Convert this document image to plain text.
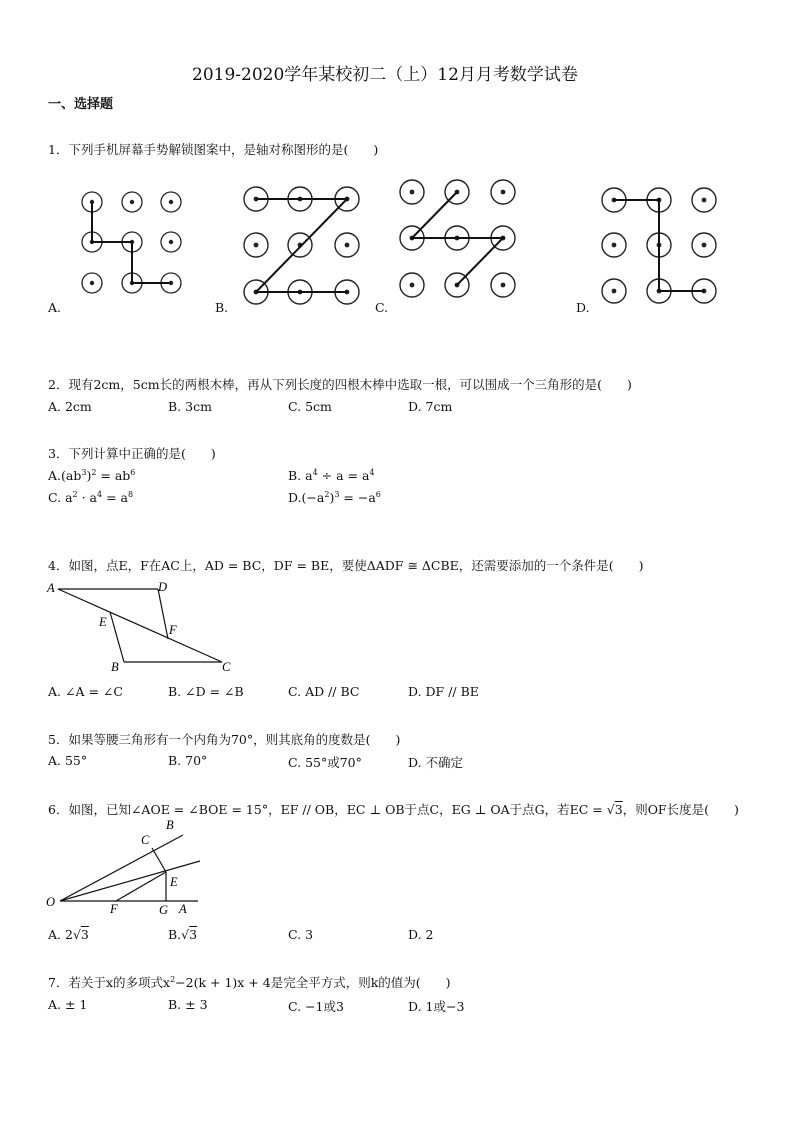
2019-2020学年某校初二（上）12月月考数学试卷
一、选择题
1．下列手机屏幕手势解锁图案中，是轴对称图形的是(　　)
A.	B.	C.	D.
2．现有2cm，5cm长的两根木棒，再从下列长度的四根木棒中选取一根，可以围成一个三角形的是(　　)
A. 2cm	B. 3cm	C. 5cm	D. 7cm
3．下列计算中正确的是(　　)
$A.(ab^3)^2 = ab^6$	B. $a^4 \div a = a^4$
C. $a^2 \cdot a^4 = a^8$	$D.(-a^2)^3 = -a^6$
4．如图，点E，F在AC上，AD = BC，DF = BE，要使ΔADF ≅ ΔCBE，还需要添加的一个条件是(　　)
A	D
E
F
B	C
A. ∠A = ∠C	B. ∠D = ∠B	C. AD // BC	D. DF // BE
5．如果等腰三角形有一个内角为70°，则其底角的度数是(　　)
A. 55°	B. 70°	C. 55°或70°	D. 不确定
6．如图，已知∠AOE = ∠BOE = 15°，EF // OB，EC ⊥ OB于点C，EG ⊥ OA于点G，若EC = √3，则OF长度是(　　)
B
C
E
O	F	G A
A. 2√3	B.√3	C. 3	D. 2
7．若关于x的多项式$x^2-2(k + 1)x + 4$是完全平方式，则k的值为(　　)
A. ± 1	B. ± 3	C. −1或3	D. 1或−3
